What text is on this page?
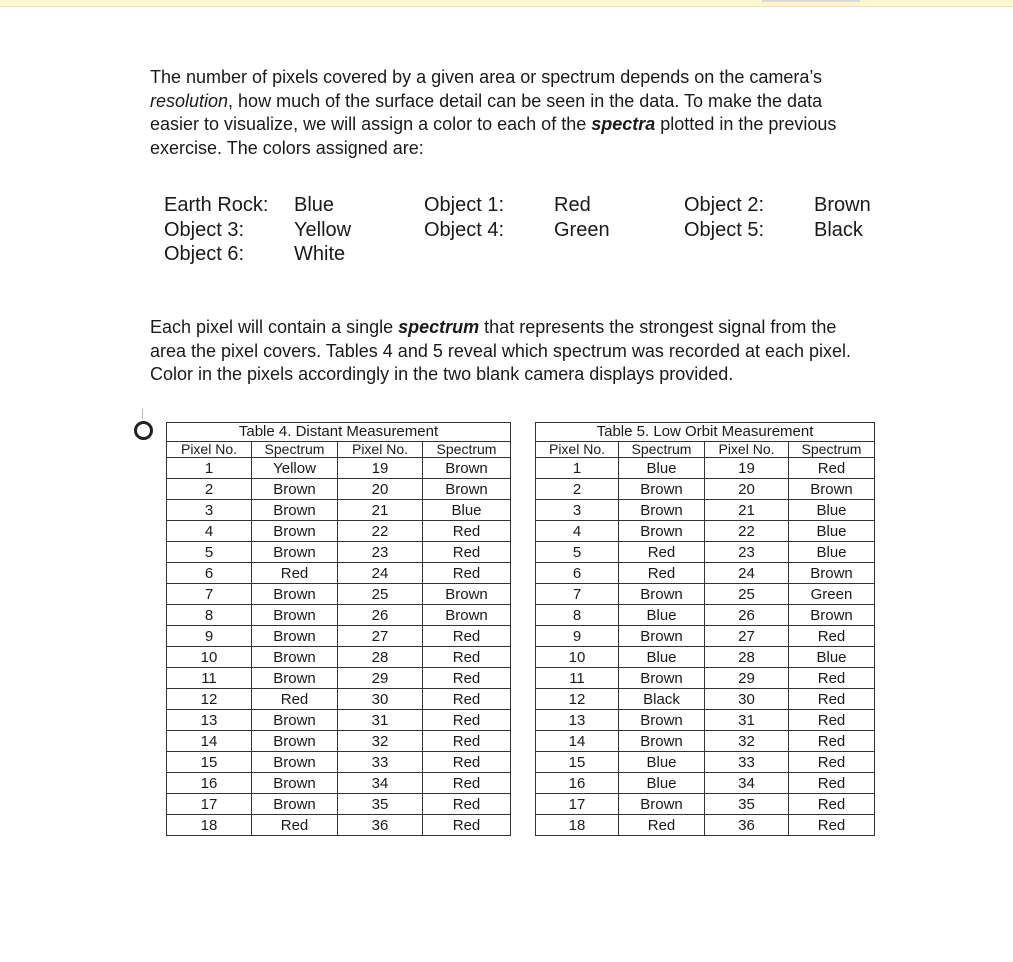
The number of pixels covered by a given area or spectrum depends on the camera’s resolution, how much of the surface detail can be seen in the data. To make the data easier to visualize, we will assign a color to each of the spectra plotted in the previous exercise. The colors assigned are:

Earth Rock: Blue	Object 1: Red	Object 2: Brown
Object 3: Yellow	Object 4: Green	Object 5: Black
Object 6: White

Each pixel will contain a single spectrum that represents the strongest signal from the area the pixel covers. Tables 4 and 5 reveal which spectrum was recorded at each pixel. Color in the pixels accordingly in the two blank camera displays provided.

Table 4. Distant Measurement
Pixel No.	Spectrum	Pixel No.	Spectrum
1	Yellow	19	Brown
2	Brown	20	Brown
3	Brown	21	Blue
4	Brown	22	Red
5	Brown	23	Red
6	Red	24	Red
7	Brown	25	Brown
8	Brown	26	Brown
9	Brown	27	Red
10	Brown	28	Red
11	Brown	29	Red
12	Red	30	Red
13	Brown	31	Red
14	Brown	32	Red
15	Brown	33	Red
16	Brown	34	Red
17	Brown	35	Red
18	Red	36	Red
Table 5. Low Orbit Measurement
Pixel No.	Spectrum	Pixel No.	Spectrum
1	Blue	19	Red
2	Brown	20	Brown
3	Brown	21	Blue
4	Brown	22	Blue
5	Red	23	Blue
6	Red	24	Brown
7	Brown	25	Green
8	Blue	26	Brown
9	Brown	27	Red
10	Blue	28	Blue
11	Brown	29	Red
12	Black	30	Red
13	Brown	31	Red
14	Brown	32	Red
15	Blue	33	Red
16	Blue	34	Red
17	Brown	35	Red
18	Red	36	Red
